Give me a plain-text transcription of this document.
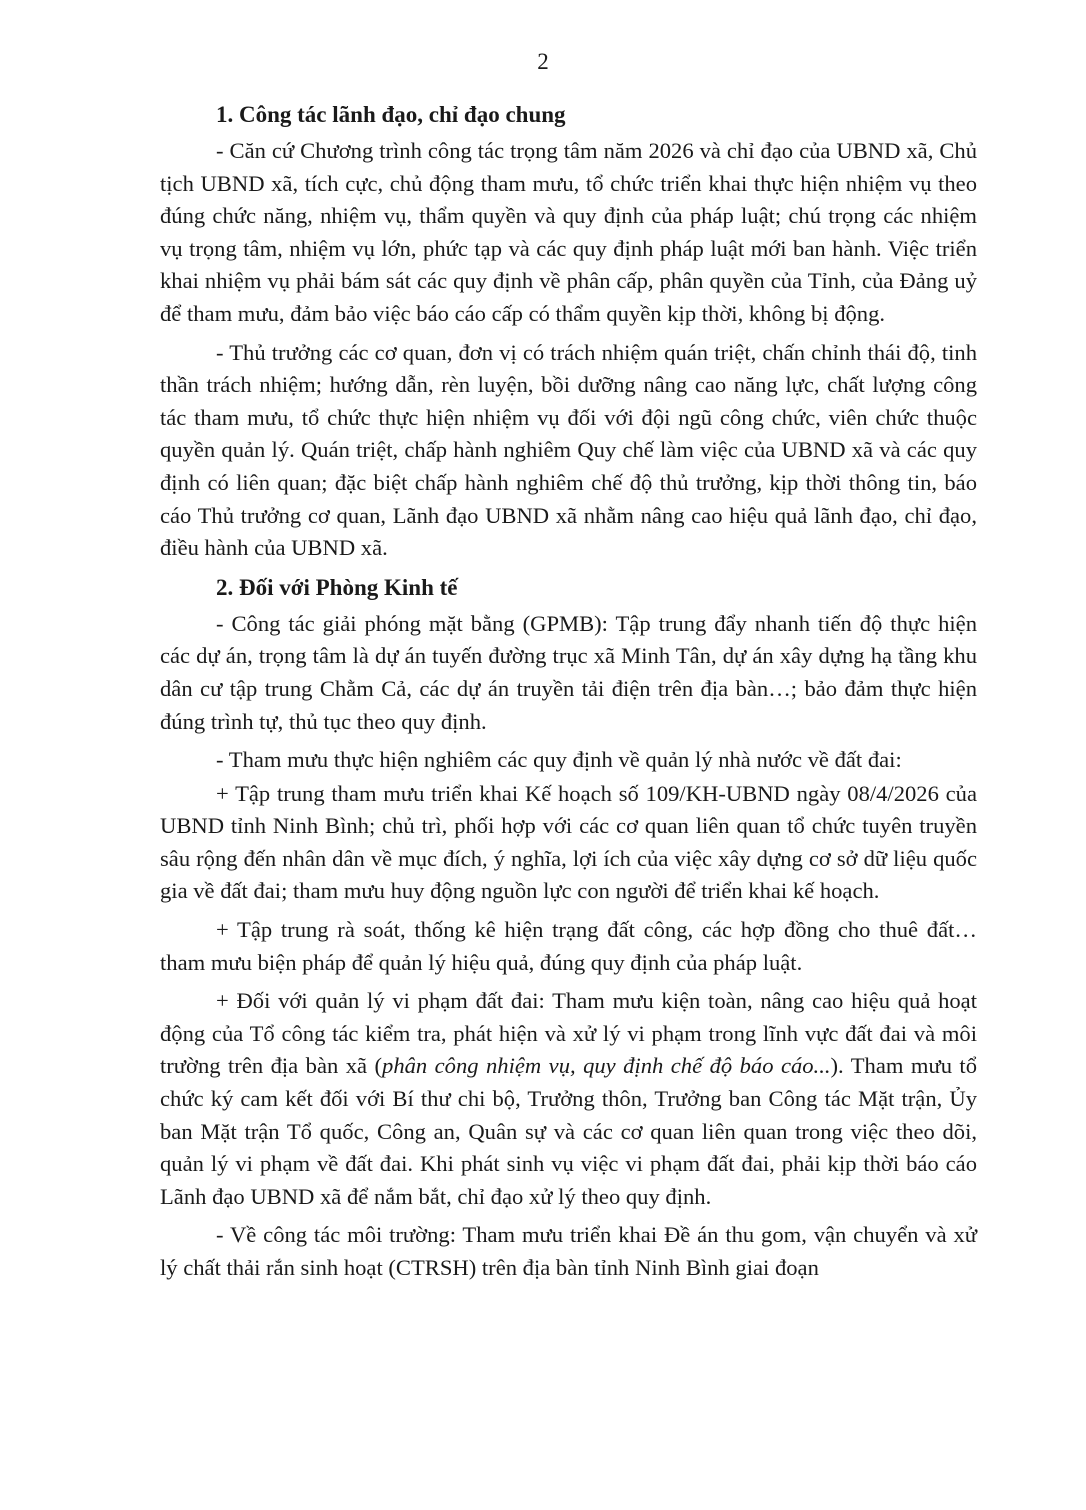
2
1. Công tác lãnh đạo, chỉ đạo chung

- Căn cứ Chương trình công tác trọng tâm năm 2026 và chỉ đạo của UBND xã, Chủ tịch UBND xã, tích cực, chủ động tham mưu, tổ chức triển khai thực hiện nhiệm vụ theo đúng chức năng, nhiệm vụ, thẩm quyền và quy định của pháp luật; chú trọng các nhiệm vụ trọng tâm, nhiệm vụ lớn, phức tạp và các quy định pháp luật mới ban hành. Việc triển khai nhiệm vụ phải bám sát các quy định về phân cấp, phân quyền của Tỉnh, của Đảng uỷ để tham mưu, đảm bảo việc báo cáo cấp có thẩm quyền kịp thời, không bị động.

- Thủ trưởng các cơ quan, đơn vị có trách nhiệm quán triệt, chấn chỉnh thái độ, tinh thần trách nhiệm; hướng dẫn, rèn luyện, bồi dưỡng nâng cao năng lực, chất lượng công tác tham mưu, tổ chức thực hiện nhiệm vụ đối với đội ngũ công chức, viên chức thuộc quyền quản lý. Quán triệt, chấp hành nghiêm Quy chế làm việc của UBND xã và các quy định có liên quan; đặc biệt chấp hành nghiêm chế độ thủ trưởng, kịp thời thông tin, báo cáo Thủ trưởng cơ quan, Lãnh đạo UBND xã nhằm nâng cao hiệu quả lãnh đạo, chỉ đạo, điều hành của UBND xã.

2. Đối với Phòng Kinh tế

- Công tác giải phóng mặt bằng (GPMB): Tập trung đẩy nhanh tiến độ thực hiện các dự án, trọng tâm là dự án tuyến đường trục xã Minh Tân, dự án xây dựng hạ tầng khu dân cư tập trung Chằm Cả, các dự án truyền tải điện trên địa bàn…; bảo đảm thực hiện đúng trình tự, thủ tục theo quy định.

- Tham mưu thực hiện nghiêm các quy định về quản lý nhà nước về đất đai:

+ Tập trung tham mưu triển khai Kế hoạch số 109/KH-UBND ngày 08/4/2026 của UBND tỉnh Ninh Bình; chủ trì, phối hợp với các cơ quan liên quan tổ chức tuyên truyền sâu rộng đến nhân dân về mục đích, ý nghĩa, lợi ích của việc xây dựng cơ sở dữ liệu quốc gia về đất đai; tham mưu huy động nguồn lực con người để triển khai kế hoạch.

+ Tập trung rà soát, thống kê hiện trạng đất công, các hợp đồng cho thuê đất… tham mưu biện pháp để quản lý hiệu quả, đúng quy định của pháp luật.

+ Đối với quản lý vi phạm đất đai: Tham mưu kiện toàn, nâng cao hiệu quả hoạt động của Tổ công tác kiểm tra, phát hiện và xử lý vi phạm trong lĩnh vực đất đai và môi trường trên địa bàn xã (phân công nhiệm vụ, quy định chế độ báo cáo...). Tham mưu tổ chức ký cam kết đối với Bí thư chi bộ, Trưởng thôn, Trưởng ban Công tác Mặt trận, Ủy ban Mặt trận Tổ quốc, Công an, Quân sự và các cơ quan liên quan trong việc theo dõi, quản lý vi phạm về đất đai. Khi phát sinh vụ việc vi phạm đất đai, phải kịp thời báo cáo Lãnh đạo UBND xã để nắm bắt, chỉ đạo xử lý theo quy định.

- Về công tác môi trường: Tham mưu triển khai Đề án thu gom, vận chuyển và xử lý chất thải rắn sinh hoạt (CTRSH) trên địa bàn tỉnh Ninh Bình giai đoạn
